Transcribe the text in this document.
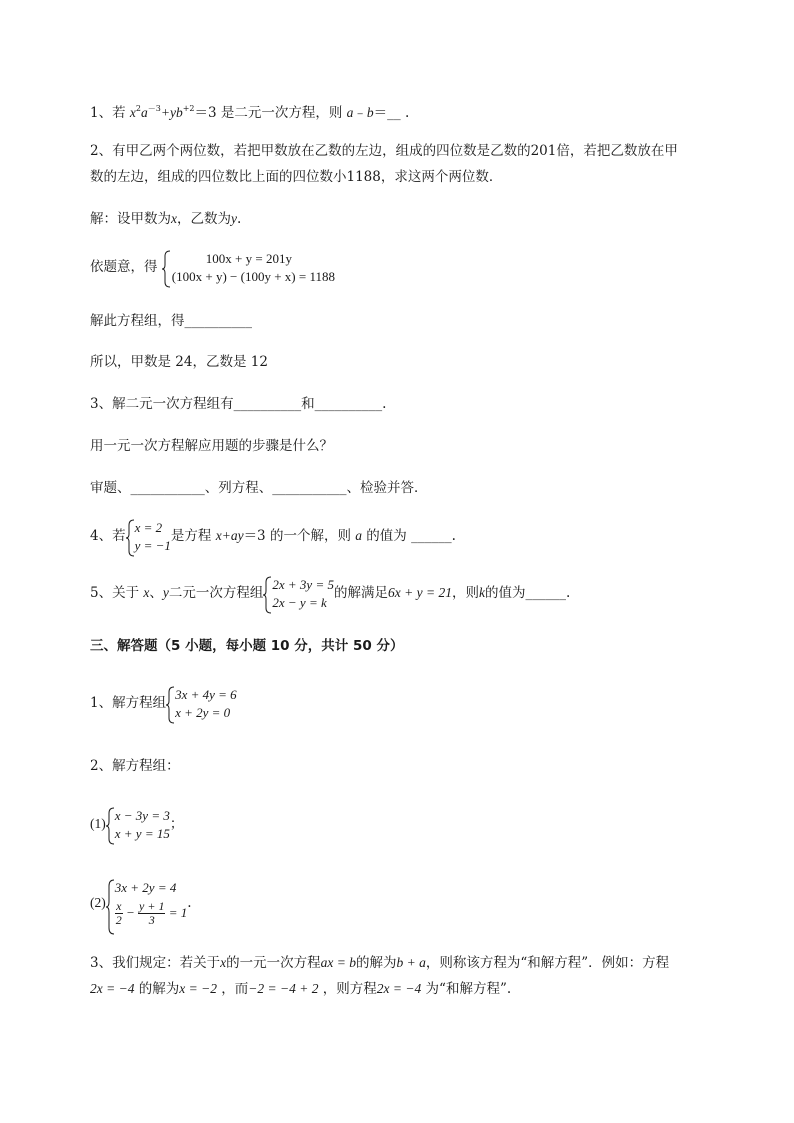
1、若 $x^2a^{-3}+yb^{+2}=3$ 是二元一次方程，则 a﹣b＝__ .
2、有甲乙两个两位数，若把甲数放在乙数的左边，组成的四位数是乙数的201倍，若把乙数放在甲
数的左边，组成的四位数比上面的四位数小1188，求这两个两位数．
解：设甲数为x，乙数为y.
依题意，得
100x + y = 201y
(100x + y) − (100y + x) = 1188
解此方程组，得__________
所以，甲数是 24，乙数是 12
3、解二元一次方程组有__________和__________.
用一元一次方程解应用题的步骤是什么？
审题、___________、列方程、___________、检验并答．
4、若
x = 2
y = −1
是方程 x+ay＝3 的一个解，则 a 的值为 ______.
5、关于 x、y二元一次方程组
2x + 3y = 5
2x − y = k
的解满足6x + y = 21，则k的值为______.
三、解答题（5 小题，每小题 10 分，共计 50 分）
1、解方程组
3x + 4y = 6
x + 2y = 0
2、解方程组：
(1)
x − 3y = 3
x + y = 15
；
(2)
3x + 2y = 4
$\frac{x}{2} - \frac{y + 1}{3} = 1$
.
3、我们规定：若关于x的一元一次方程ax = b的解为b + a，则称该方程为“和解方程”．例如：方程
2x = −4 的解为x = −2 ，而−2 = −4 + 2 ，则方程2x = −4 为“和解方程”.
